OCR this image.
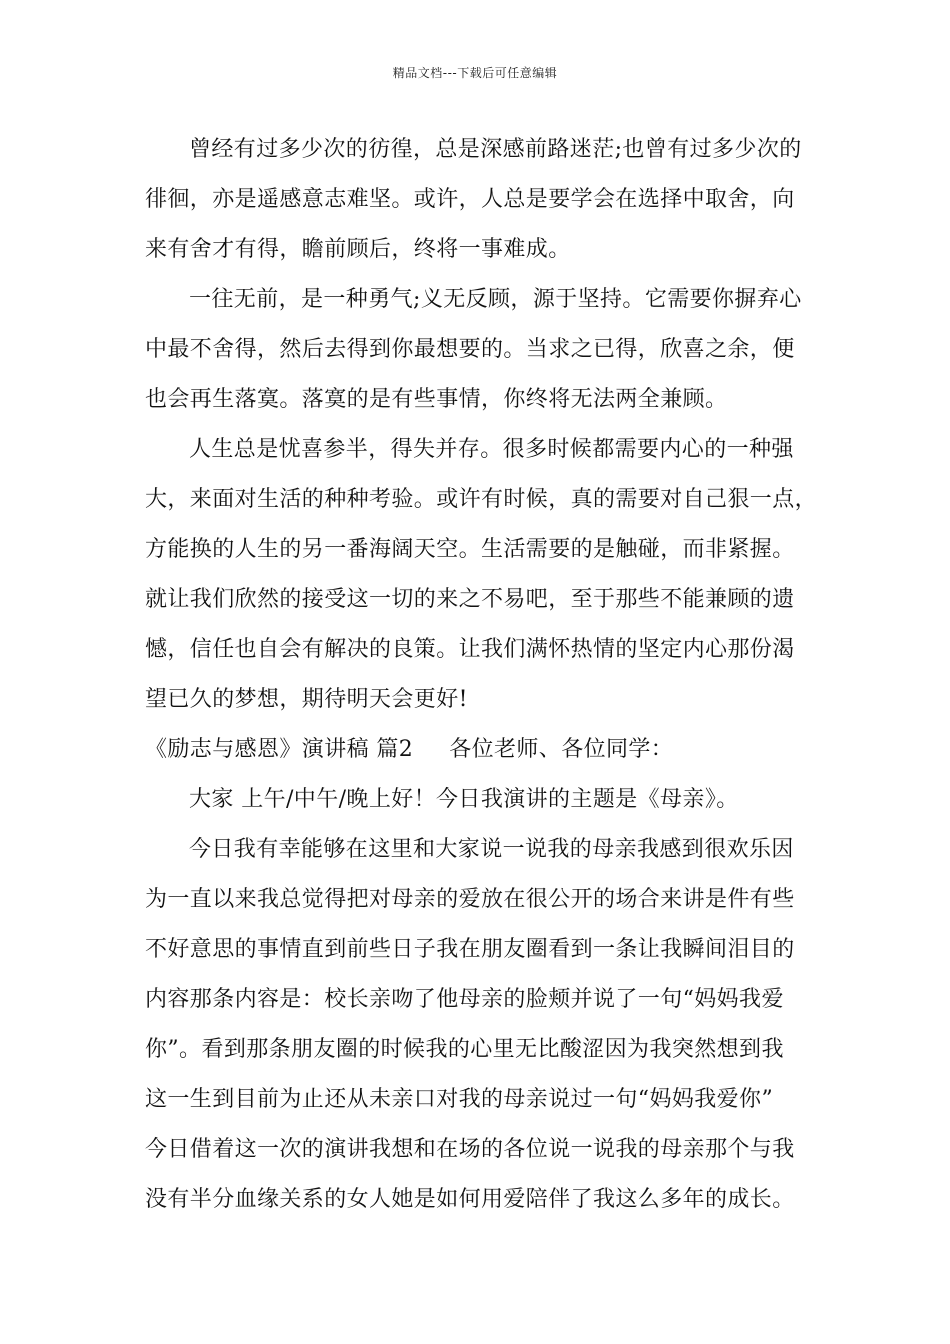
精品文档---下载后可任意编辑
曾经有过多少次的彷徨，总是深感前路迷茫;也曾有过多少次的
徘徊，亦是遥感意志难坚。或许，人总是要学会在选择中取舍，向
来有舍才有得，瞻前顾后，终将一事难成。
一往无前，是一种勇气;义无反顾，源于坚持。它需要你摒弃心
中最不舍得，然后去得到你最想要的。当求之已得，欣喜之余，便
也会再生落寞。落寞的是有些事情，你终将无法两全兼顾。
人生总是忧喜参半，得失并存。很多时候都需要内心的一种强
大，来面对生活的种种考验。或许有时候，真的需要对自己狠一点，
方能换的人生的另一番海阔天空。生活需要的是触碰，而非紧握。
就让我们欣然的接受这一切的来之不易吧，至于那些不能兼顾的遗
憾，信任也自会有解决的良策。让我们满怀热情的坚定内心那份渴
望已久的梦想，期待明天会更好!
《励志与感恩》演讲稿 篇2 各位老师、各位同学：
大家 上午/中午/晚上好！今日我演讲的主题是《母亲》。
今日我有幸能够在这里和大家说一说我的母亲我感到很欢乐因
为一直以来我总觉得把对母亲的爱放在很公开的场合来讲是件有些
不好意思的事情直到前些日子我在朋友圈看到一条让我瞬间泪目的
内容那条内容是：校长亲吻了他母亲的脸颊并说了一句“妈妈我爱
你”。看到那条朋友圈的时候我的心里无比酸涩因为我突然想到我
这一生到目前为止还从未亲口对我的母亲说过一句“妈妈我爱你”
今日借着这一次的演讲我想和在场的各位说一说我的母亲那个与我
没有半分血缘关系的女人她是如何用爱陪伴了我这么多年的成长。
